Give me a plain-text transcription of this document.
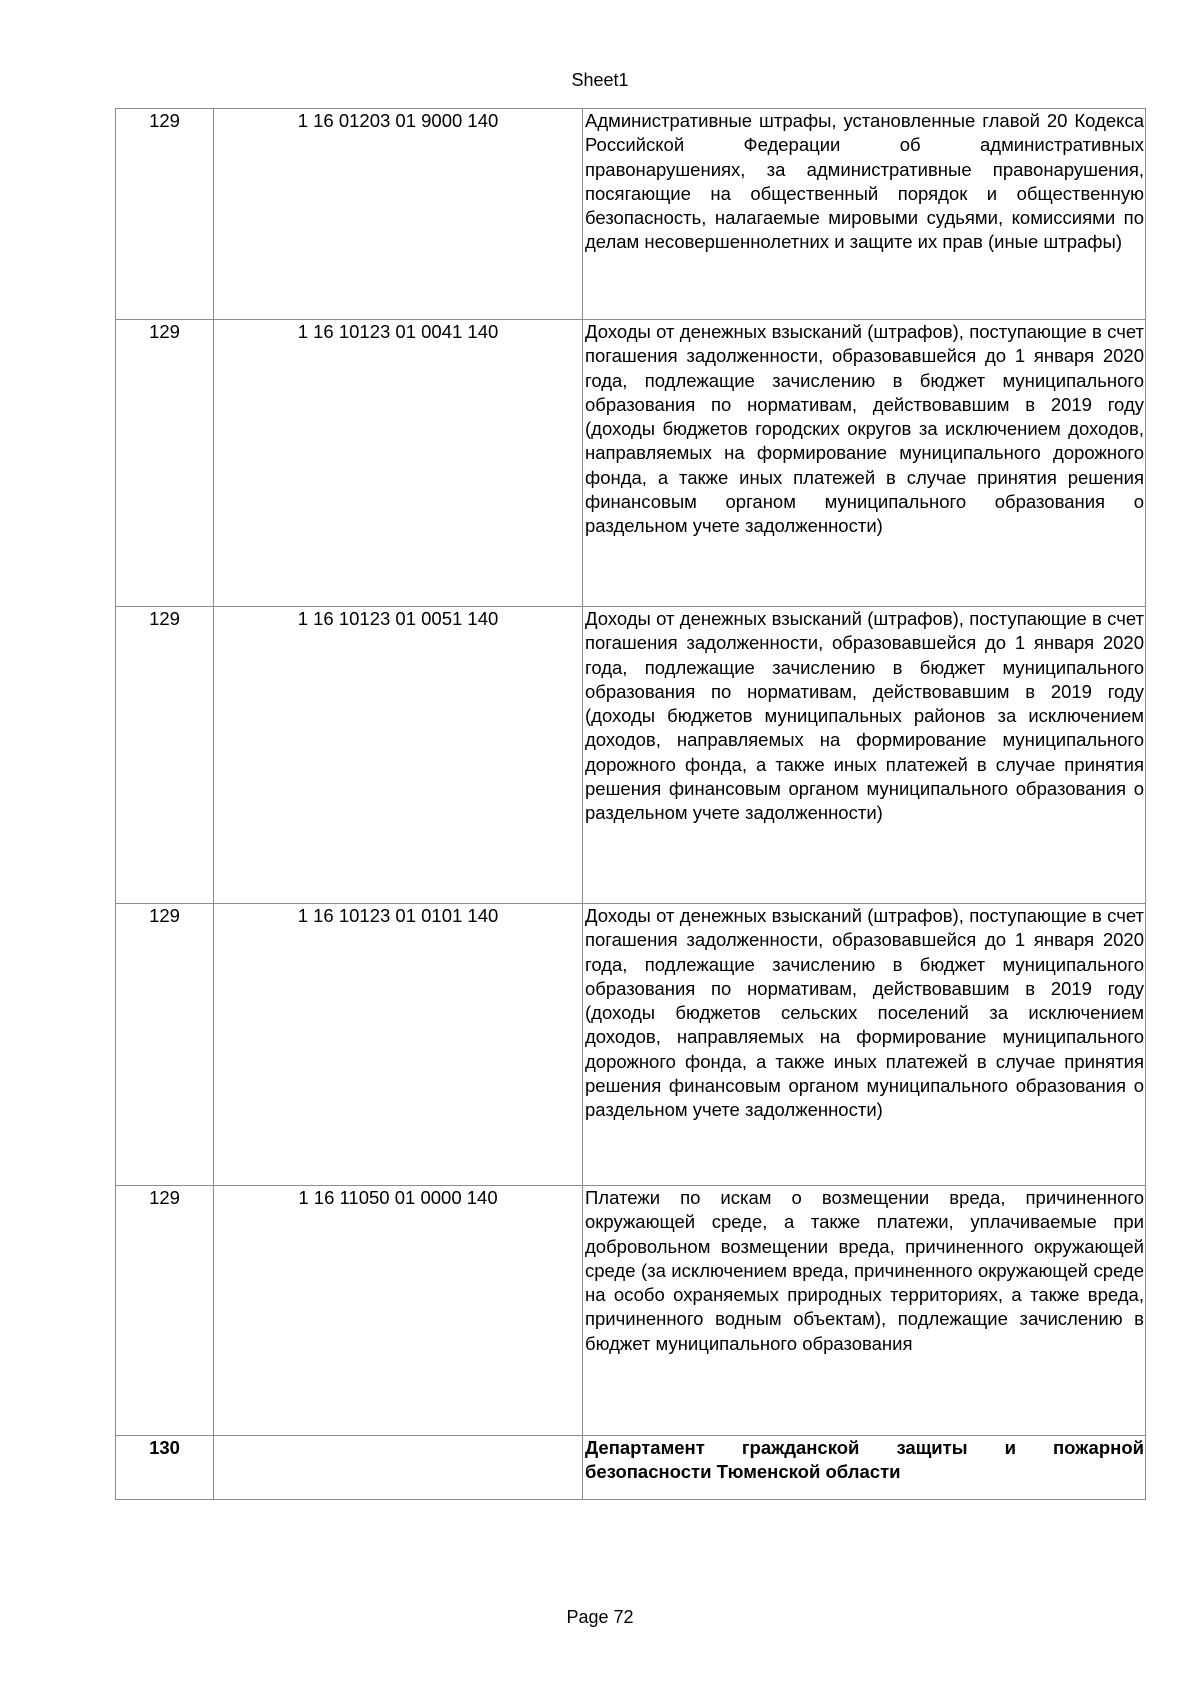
Sheet1
129	1 16 01203 01 9000 140	Административные штрафы, установленные главой 20 Кодекса Российской Федерации об административных правонарушениях, за административные правонарушения, посягающие на общественный порядок и общественную безопасность, налагаемые мировыми судьями, комиссиями по делам несовершеннолетних и защите их прав (иные штрафы)
129	1 16 10123 01 0041 140	Доходы от денежных взысканий (штрафов), поступающие в счет погашения задолженности, образовавшейся до 1 января 2020 года, подлежащие зачислению в бюджет муниципального образования по нормативам, действовавшим в 2019 году (доходы бюджетов городских округов за исключением доходов, направляемых на формирование муниципального дорожного фонда, а также иных платежей в случае принятия решения финансовым органом муниципального образования о раздельном учете задолженности)
129	1 16 10123 01 0051 140	Доходы от денежных взысканий (штрафов), поступающие в счет погашения задолженности, образовавшейся до 1 января 2020 года, подлежащие зачислению в бюджет муниципального образования по нормативам, действовавшим в 2019 году (доходы бюджетов муниципальных районов за исключением доходов, направляемых на формирование муниципального дорожного фонда, а также иных платежей в случае принятия решения финансовым органом муниципального образования о раздельном учете задолженности)
129	1 16 10123 01 0101 140	Доходы от денежных взысканий (штрафов), поступающие в счет погашения задолженности, образовавшейся до 1 января 2020 года, подлежащие зачислению в бюджет муниципального образования по нормативам, действовавшим в 2019 году (доходы бюджетов сельских поселений за исключением доходов, направляемых на формирование муниципального дорожного фонда, а также иных платежей в случае принятия решения финансовым органом муниципального образования о раздельном учете задолженности)
129	1 16 11050 01 0000 140	Платежи по искам о возмещении вреда, причиненного окружающей среде, а также платежи, уплачиваемые при добровольном возмещении вреда, причиненного окружающей среде (за исключением вреда, причиненного окружающей среде на особо охраняемых природных территориях, а также вреда, причиненного водным объектам), подлежащие зачислению в бюджет муниципального образования
130		Департамент гражданской защиты и пожарной безопасности Тюменской области
Page 72
